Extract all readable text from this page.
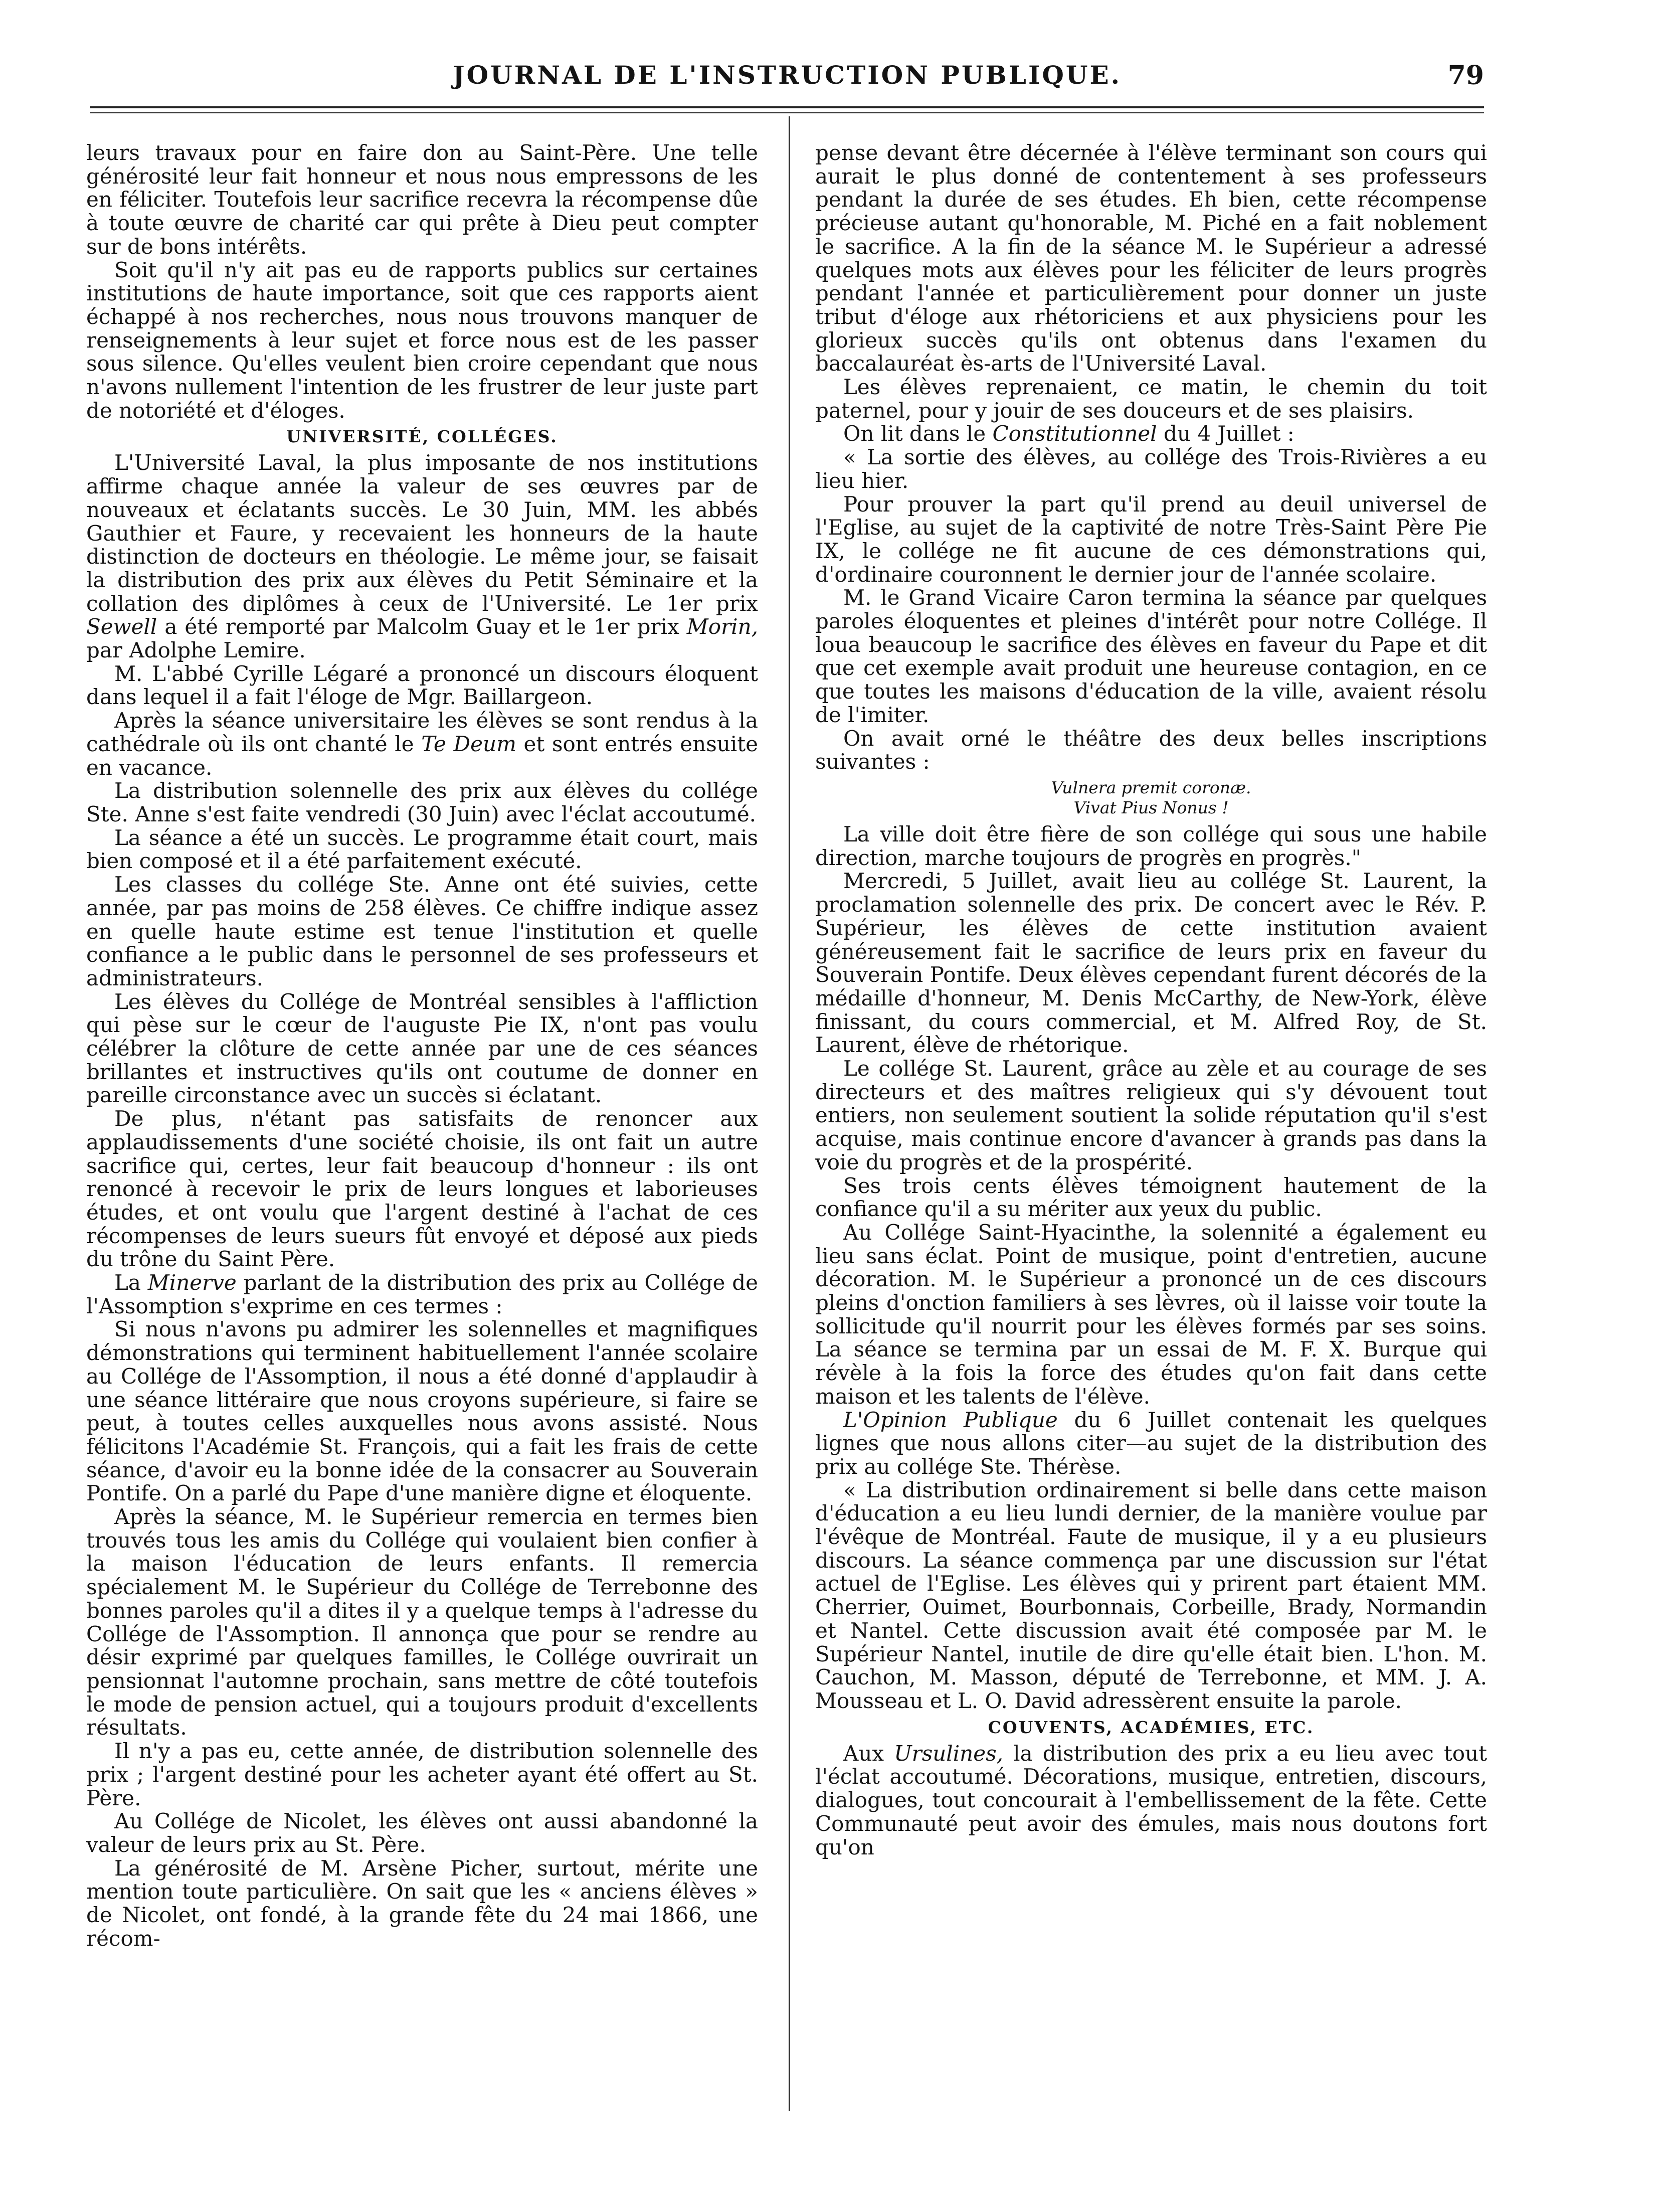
JOURNAL DE L'INSTRUCTION PUBLIQUE.	79

leurs travaux pour en faire don au Saint-Père. Une telle générosité leur fait honneur et nous nous empressons de les en féliciter. Toutefois leur sacrifice recevra la récompense dûe à toute œuvre de charité car qui prête à Dieu peut compter sur de bons intérêts.

Soit qu'il n'y ait pas eu de rapports publics sur certaines institutions de haute importance, soit que ces rapports aient échappé à nos recherches, nous nous trouvons manquer de renseignements à leur sujet et force nous est de les passer sous silence. Qu'elles veulent bien croire cependant que nous n'avons nullement l'intention de les frustrer de leur juste part de notoriété et d'éloges.

UNIVERSITÉ, COLLÉGES.

L'Université Laval, la plus imposante de nos institutions affirme chaque année la valeur de ses œuvres par de nouveaux et éclatants succès. Le 30 Juin, MM. les abbés Gauthier et Faure, y recevaient les honneurs de la haute distinction de docteurs en théologie. Le même jour, se faisait la distribution des prix aux élèves du Petit Séminaire et la collation des diplômes à ceux de l'Université. Le 1er prix Sewell a été remporté par Malcolm Guay et le 1er prix Morin, par Adolphe Lemire.

M. L'abbé Cyrille Légaré a prononcé un discours éloquent dans lequel il a fait l'éloge de Mgr. Baillargeon.

Après la séance universitaire les élèves se sont rendus à la cathédrale où ils ont chanté le Te Deum et sont entrés ensuite en vacance.

La distribution solennelle des prix aux élèves du collége Ste. Anne s'est faite vendredi (30 Juin) avec l'éclat accoutumé.

La séance a été un succès. Le programme était court, mais bien composé et il a été parfaitement exécuté.

Les classes du collége Ste. Anne ont été suivies, cette année, par pas moins de 258 élèves. Ce chiffre indique assez en quelle haute estime est tenue l'institution et quelle confiance a le public dans le personnel de ses professeurs et administrateurs.

Les élèves du Collége de Montréal sensibles à l'affliction qui pèse sur le cœur de l'auguste Pie IX, n'ont pas voulu célébrer la clôture de cette année par une de ces séances brillantes et instructives qu'ils ont coutume de donner en pareille circonstance avec un succès si éclatant.

De plus, n'étant pas satisfaits de renoncer aux applaudissements d'une société choisie, ils ont fait un autre sacrifice qui, certes, leur fait beaucoup d'honneur : ils ont renoncé à recevoir le prix de leurs longues et laborieuses études, et ont voulu que l'argent destiné à l'achat de ces récompenses de leurs sueurs fût envoyé et déposé aux pieds du trône du Saint Père.

La Minerve parlant de la distribution des prix au Collége de l'Assomption s'exprime en ces termes :

Si nous n'avons pu admirer les solennelles et magnifiques démonstrations qui terminent habituellement l'année scolaire au Collége de l'Assomption, il nous a été donné d'applaudir à une séance littéraire que nous croyons supérieure, si faire se peut, à toutes celles auxquelles nous avons assisté. Nous félicitons l'Académie St. François, qui a fait les frais de cette séance, d'avoir eu la bonne idée de la consacrer au Souverain Pontife. On a parlé du Pape d'une manière digne et éloquente.

Après la séance, M. le Supérieur remercia en termes bien trouvés tous les amis du Collége qui voulaient bien confier à la maison l'éducation de leurs enfants. Il remercia spécialement M. le Supérieur du Collége de Terrebonne des bonnes paroles qu'il a dites il y a quelque temps à l'adresse du Collége de l'Assomption. Il annonça que pour se rendre au désir exprimé par quelques familles, le Collége ouvrirait un pensionnat l'automne prochain, sans mettre de côté toutefois le mode de pension actuel, qui a toujours produit d'excellents résultats.

Il n'y a pas eu, cette année, de distribution solennelle des prix ; l'argent destiné pour les acheter ayant été offert au St. Père.

Au Collége de Nicolet, les élèves ont aussi abandonné la valeur de leurs prix au St. Père.

La générosité de M. Arsène Picher, surtout, mérite une mention toute particulière. On sait que les « anciens élèves » de Nicolet, ont fondé, à la grande fête du 24 mai 1866, une récom-

pense devant être décernée à l'élève terminant son cours qui aurait le plus donné de contentement à ses professeurs pendant la durée de ses études. Eh bien, cette récompense précieuse autant qu'honorable, M. Piché en a fait noblement le sacrifice. A la fin de la séance M. le Supérieur a adressé quelques mots aux élèves pour les féliciter de leurs progrès pendant l'année et particulièrement pour donner un juste tribut d'éloge aux rhétoriciens et aux physiciens pour les glorieux succès qu'ils ont obtenus dans l'examen du baccalauréat ès-arts de l'Université Laval.

Les élèves reprenaient, ce matin, le chemin du toit paternel, pour y jouir de ses douceurs et de ses plaisirs.

On lit dans le Constitutionnel du 4 Juillet :

« La sortie des élèves, au collége des Trois-Rivières a eu lieu hier.

Pour prouver la part qu'il prend au deuil universel de l'Eglise, au sujet de la captivité de notre Très-Saint Père Pie IX, le collége ne fit aucune de ces démonstrations qui, d'ordinaire couronnent le dernier jour de l'année scolaire.

M. le Grand Vicaire Caron termina la séance par quelques paroles éloquentes et pleines d'intérêt pour notre Collége. Il loua beaucoup le sacrifice des élèves en faveur du Pape et dit que cet exemple avait produit une heureuse contagion, en ce que toutes les maisons d'éducation de la ville, avaient résolu de l'imiter.

On avait orné le théâtre des deux belles inscriptions suivantes :

Vulnera premit coronæ.
Vivat Pius Nonus !

La ville doit être fière de son collége qui sous une habile direction, marche toujours de progrès en progrès."

Mercredi, 5 Juillet, avait lieu au collége St. Laurent, la proclamation solennelle des prix. De concert avec le Rév. P. Supérieur, les élèves de cette institution avaient généreusement fait le sacrifice de leurs prix en faveur du Souverain Pontife. Deux élèves cependant furent décorés de la médaille d'honneur, M. Denis McCarthy, de New-York, élève finissant, du cours commercial, et M. Alfred Roy, de St. Laurent, élève de rhétorique.

Le collége St. Laurent, grâce au zèle et au courage de ses directeurs et des maîtres religieux qui s'y dévouent tout entiers, non seulement soutient la solide réputation qu'il s'est acquise, mais continue encore d'avancer à grands pas dans la voie du progrès et de la prospérité.

Ses trois cents élèves témoignent hautement de la confiance qu'il a su mériter aux yeux du public.

Au Collége Saint-Hyacinthe, la solennité a également eu lieu sans éclat. Point de musique, point d'entretien, aucune décoration. M. le Supérieur a prononcé un de ces discours pleins d'onction familiers à ses lèvres, où il laisse voir toute la sollicitude qu'il nourrit pour les élèves formés par ses soins. La séance se termina par un essai de M. F. X. Burque qui révèle à la fois la force des études qu'on fait dans cette maison et les talents de l'élève.

L'Opinion Publique du 6 Juillet contenait les quelques lignes que nous allons citer—au sujet de la distribution des prix au collége Ste. Thérèse.

« La distribution ordinairement si belle dans cette maison d'éducation a eu lieu lundi dernier, de la manière voulue par l'évêque de Montréal. Faute de musique, il y a eu plusieurs discours. La séance commença par une discussion sur l'état actuel de l'Eglise. Les élèves qui y prirent part étaient MM. Cherrier, Ouimet, Bourbonnais, Corbeille, Brady, Normandin et Nantel. Cette discussion avait été composée par M. le Supérieur Nantel, inutile de dire qu'elle était bien. L'hon. M. Cauchon, M. Masson, député de Terrebonne, et MM. J. A. Mousseau et L. O. David adressèrent ensuite la parole.

COUVENTS, ACADÉMIES, ETC.

Aux Ursulines, la distribution des prix a eu lieu avec tout l'éclat accoutumé. Décorations, musique, entretien, discours, dialogues, tout concourait à l'embellissement de la fête. Cette Communauté peut avoir des émules, mais nous doutons fort qu'on
